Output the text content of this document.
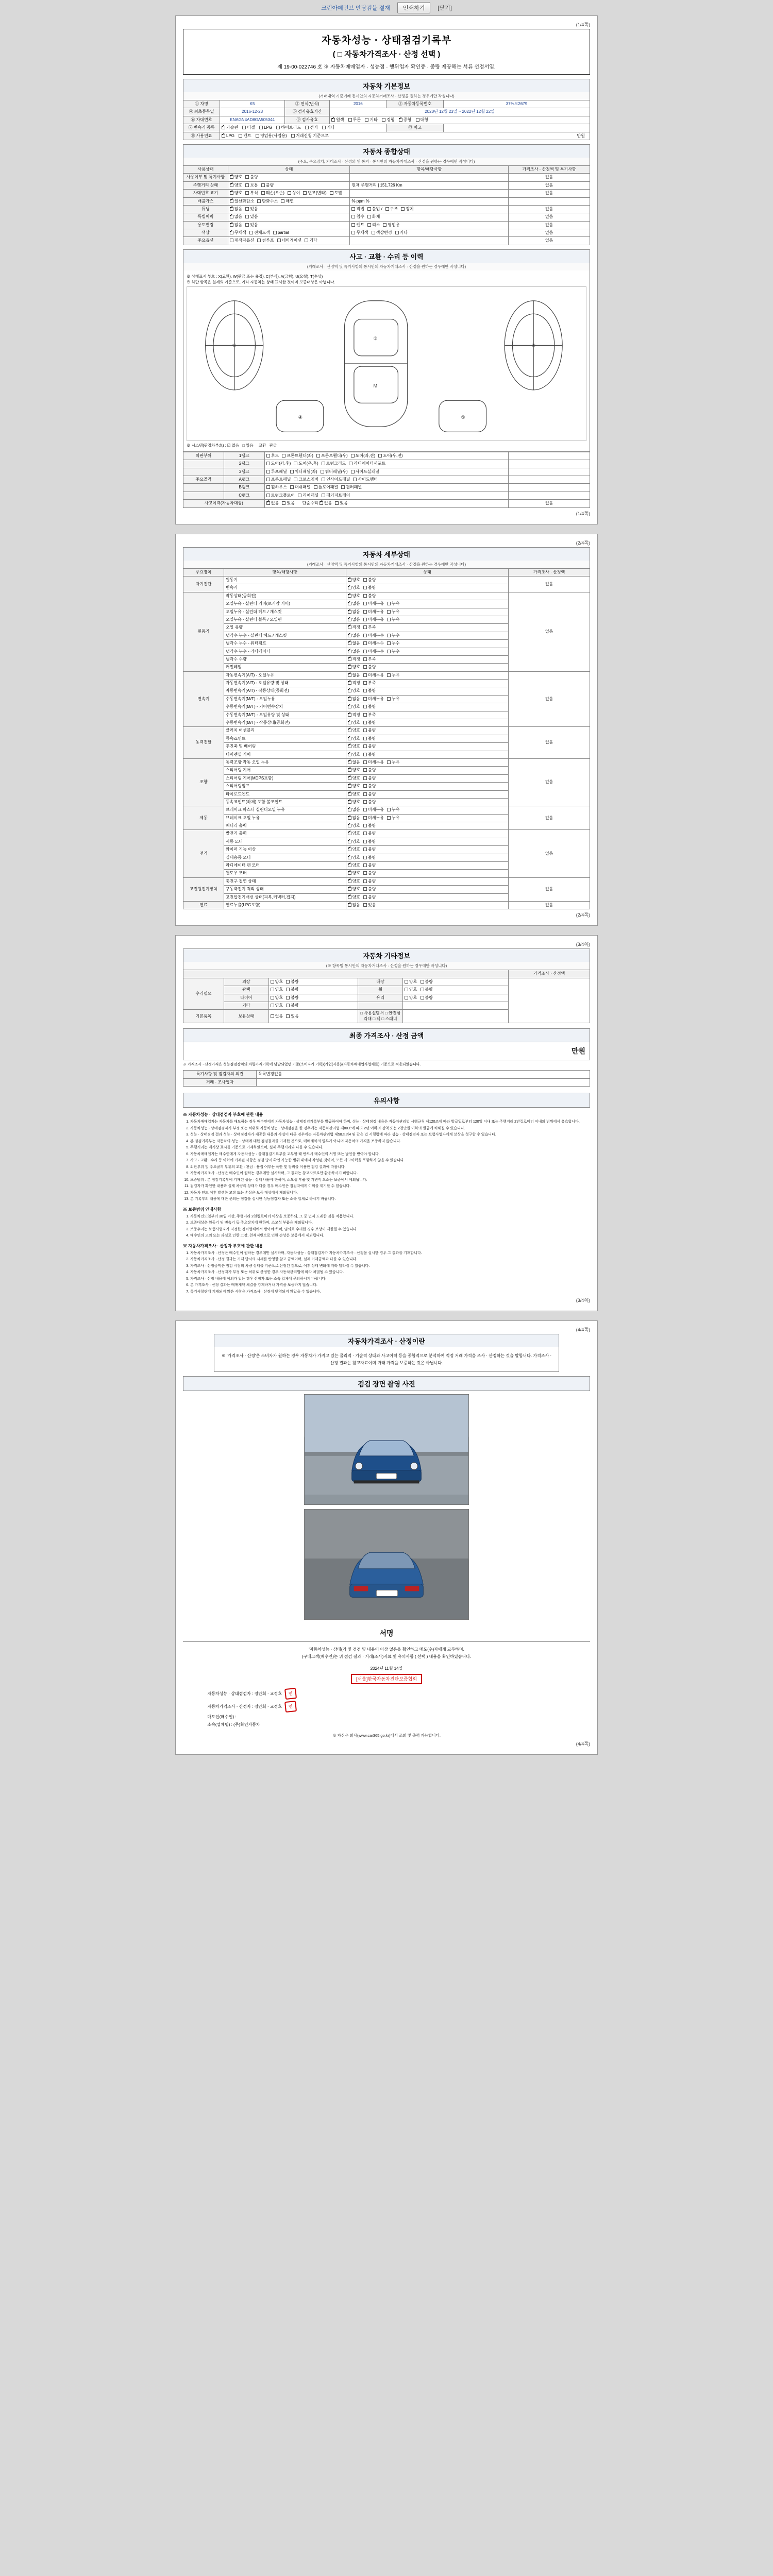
크린아페먼브 안당검블 결재	인쇄하기	[닫기]
(1/4쪽)
자동차성능 · 상태점검기록부
( □ 자동차가격조사 · 산정 선택 )
제 19-00-022746 호 ※ 자동차매매업자 · 성능점 · 행위업자 확인증 · 중량 제공해는 서류 선정서입.
자동차 기본정보
(거래내역 기준거래 통시안의 자동차거래조사 · 산정을 원하는 경우에만 작성니다)
① 차명	K5	② 연식(년식)	2016	③ 자동차등록번호	37%모2679
④ 최초등록일	2016-12-23	⑤ 검사유효기간	2020년 12월 23일 ~ 2022년 12월 22일		
⑥ 차대번호	KNAGN4AD8GA505344	⑨ 검사유효	✔원색 투톤 기타 경형 ✔ 중형 대형
⑦ 변속기 종류	✔가솔린 디젤 LPG 하이브리드 전기 기타			⑬ 비고	
⑧ 사용연료	✔LPG 렌트 영업용(사업용) 거래신청 기준으로 만원
자동차 종합상태
(주요, 주요장치, 거래조사 · 산정의 및 통지 · 통시안의 자동차거래조사 · 산정을 원하는 경우에만 작성니다)
사용상태	상태	항목/해당사항	가격조사 · 산정액 및 특기사항
사용여부 및 특기사항	✔양호 불량		없음
주행거리 상태	✔양호 보통 불량	현재 주행거리 | 151,726 Km	없음
차대번호 표기	✔양호 부식 훼손(오손) 상이 변조(변타) 도말		없음
배출가스	✔일산화탄소 탄화수소 매연	% ppm %	
튜닝	✔없음 있음	적법 불법 / 구조 장치	없음
특별이력	✔없음 있음	침수 화재	없음
용도변경	✔없음 있음	렌트 리스 영업용	없음
색상	✔무채색 전체도색 partial	무채색 색상변경 기타	없음
주요옵션	제작자옵션 썬루프 네비게이션 기타		없음
사고 · 교환 · 수리 등 이력
(거래조사 · 산정액 및 특기사항의 통시안의 자동차거래조사 · 산정을 원하는 경우에만 작성니다)
※ 상태표시 부호 : X(교환), W(판금 또는 용접), C(부식), A(긁힘), U(요철), T(손상)
※ 하단 항목은 실제의 기준으로, 기타 자동차는 상태 표시한 것이며 보증대상은 아닙니다.
①
③
M
②
④	⑤
※ 시스템(판정차부호) : ☑ 없음   □ 있음     교환   판금
외판부위	1랭크	후드 프론트휀더(좌) 프론트휀더(우) 도어(좌,전) 도어(우,전)	
	2랭크	도어(좌,후) 도어(우,후) 트렁크리드 라디에이터서포트	
	3랭크	루프패널 쿼터패널(좌) 쿼터패널(우) 사이드실패널	
주요골격	A랭크	프론트패널 크로스멤버 인사이드패널 사이드멤버	
	B랭크	휠하우스 대쉬패널 플로어패널 필러패널	
	C랭크	트렁크플로어 리어패널 패키지트레이	
사고이력(자동차대상)	✔없음 있음    단순수리 ✔없음 있음	없음
(1/4쪽)
(2/4쪽)
자동차 세부상태
(거래조사 · 산정액 및 특기사항의 통시안의 자동차거래조사 · 산정을 원하는 경우에만 작성니다)
주요장치	항목/해당사항	상태	가격조사 · 산정액
자기진단	원동기	✔양호 불량	없음
	변속기	✔양호 불량
원동기	작동상태(공회전)	✔양호 불량	없음
	오일누유 - 실린더 커버(로커암 커버)	✔없음 미세누유 누유
	오일누유 - 실린더 헤드 / 개스킷	✔없음 미세누유 누유
	오일누유 - 실린더 블록 / 오일팬	✔없음 미세누유 누유
	오일 유량	✔적정 부족
	냉각수 누수 - 실린더 헤드 / 개스킷	✔없음 미세누수 누수
	냉각수 누수 - 워터펌프	✔없음 미세누수 누수
	냉각수 누수 - 라디에이터	✔없음 미세누수 누수
	냉각수 수량	✔적정 부족
	커먼레일	✔양호 불량
변속기	자동변속기(A/T) - 오일누유	✔없음 미세누유 누유	없음
	자동변속기(A/T) - 오일유량 및 상태	✔적정 부족
	자동변속기(A/T) - 작동상태(공회전)	✔양호 불량
	수동변속기(M/T) - 오일누유	✔없음 미세누유 누유
	수동변속기(M/T) - 기어변속장치	✔양호 불량
	수동변속기(M/T) - 오일유량 및 상태	✔적정 부족
	수동변속기(M/T) - 작동상태(공회전)	✔양호 불량
동력전달	클러치 어셈블리	✔양호 불량	없음
	등속죠인트	✔양호 불량
	추진축 및 베어링	✔양호 불량
	디퍼렌셜 기어	✔양호 불량
조향	동력조향 작동 오일 누유	✔없음 미세누유 누유	없음
	스티어링 기어	✔양호 불량
	스티어링 기어(MDPS포함)	✔양호 불량
	스티어링펌프	✔양호 불량
	타이로드엔드	✔양호 불량
	등속죠인트(하체) 포함 볼조인트	✔양호 불량
제동	브레이크 마스터 실린더오일 누유	✔없음 미세누유 누유	없음
	브레이크 오일 누유	✔없음 미세누유 누유
	배터리 출력	✔양호 불량
전기	발전기 출력	✔양호 불량	없음
	시동 모터	✔양호 불량
	와이퍼 기능 이상	✔양호 불량
	실내송풍 모터	✔양호 불량
	라디에이터 팬 모터	✔양호 불량
	윈도우 모터	✔양호 불량
고전원전기장치	충전구 절연 상태	✔양호 불량	없음
	구동축전지 격리 상태	✔양호 불량
	고전압전기배선 상태(피복,커넥터,접지)	✔양호 불량
연료	연료누출(LPG포함)	✔없음 있음	없음
(2/4쪽)
(3/4쪽)
자동차 기타정보
(※ 항목별 통시안의 자동차거래조사 · 산정을 원하는 경우에만 작성니다)
					가격조사 · 산정액
수리필요	외장	양호 불량	내장	양호 불량	
	광택	양호 불량	휠	양호 불량	
	타이어	양호 불량	유리	양호 불량	
	기타	양호 불량			
기본품목	보유상태	없음 있음	□ 사용설명서 □ 안전삼각대 □ 잭 □ 스패너		
최종 가격조사 · 산정 금액
만원
※ 가격조사 · 산정가격은 성능점검장치의 차량가격기록에 남발되었던 기준(소비자가 기록)(기업(사용)/(자동차매매업자업체를) 기준으로 적용되었습니다.
특기사항 및 점검자의 의견	목록변경없음
거래 · 조사업자	
유의사항
※ 자동차성능 · 상태점검자 부호에 관한 내용
1. 자동차매매업자는 자동차를 매도하는 경우 매수인에게 자동차성능 · 상태점검기록부를 발급하여야 하며, 성능 · 상태점검 내용은 자동차관리법 시행규칙 제120조에 따라 발급일로부터 120일 이내 또는 주행거리 2만킬로미터 이내의 범위에서 유효합니다.
2. 자동차성능 · 상태점검자가 부정 또는 허위로 자동차성능 · 상태점검을 한 경우에는 자동차관리법 제80조에 따라 2년 이하의 징역 또는 2천만원 이하의 벌금에 처해질 수 있습니다.
3. 성능 · 상태점검 결과 성능 · 상태점검자가 제공한 내용과 사실이 다른 경우에는 자동차관리법 제58조의4 및 같은 법 시행령에 따라 성능 · 상태점검자 또는 보험사업자에게 보상을 청구할 수 있습니다.
4. 본 점검기록부는 자동차의 성능 · 상태에 대한 점검결과를 기재한 것으로, 매매계약의 일부가 아니며 자동차의 가격을 보증하지 않습니다.
5. 주행거리는 계기상 표시를 기준으로 기재하였으며, 실제 주행거리와 다를 수 있습니다.
6. 자동차매매업자는 매수인에게 자동차성능 · 상태점검기록부를 교부할 때 반드시 매수인의 서명 또는 날인을 받아야 합니다.
7. 사고 · 교환 · 수리 등 이력에 기재된 사항은 점검 당시 확인 가능한 범위 내에서 작성된 것이며, 모든 사고이력을 포함하지 않을 수 있습니다.
8. 외판부위 및 주요골격 부위의 교환 · 판금 · 용접 여부는 육안 및 장비를 이용한 점검 결과에 따릅니다.
9. 자동차가격조사 · 산정은 매수인이 원하는 경우에만 실시하며, 그 결과는 참고자료로만 활용하시기 바랍니다.
10. 보증범위 : 본 점검기록부에 기재된 성능 · 상태 내용에 한하며, 소모성 부품 및 가변적 요소는 보증에서 제외됩니다.
11. 점검자가 확인한 내용과 실제 차량의 상태가 다를 경우 매수인은 점검자에게 이의를 제기할 수 있습니다.
12. 자동차 인도 이후 발생한 고장 또는 손상은 보증 대상에서 제외됩니다.
13. 본 기록부의 내용에 대한 문의는 점검을 실시한 성능점검자 또는 소속 업체로 하시기 바랍니다.
※ 보증범위 안내사항
1. 자동차인도일부터 30일 이상, 주행거리 2천킬로미터 이상을 보증하되, 그 중 먼저 도래한 것을 적용합니다.
2. 보증대상은 원동기 및 변속기 등 주요장치에 한하며, 소모성 부품은 제외됩니다.
3. 보증수리는 보험사업자가 지정한 정비업체에서 받아야 하며, 임의로 수리한 경우 보상이 제한될 수 있습니다.
4. 매수인의 고의 또는 과실로 인한 고장, 천재지변으로 인한 손상은 보증에서 제외됩니다.
※ 자동차가격조사 · 산정자 부호에 관한 내용
1. 자동차가격조사 · 산정은 매수인이 원하는 경우에만 실시하며, 자동차성능 · 상태점검자가 자동차가격조사 · 산정을 실시한 경우 그 결과를 기재합니다.
2. 자동차가격조사 · 산정 결과는 거래 당시의 시세를 반영한 참고 금액이며, 실제 거래금액과 다를 수 있습니다.
3. 가격조사 · 산정금액은 점검 시점의 차량 상태를 기준으로 산정된 것으로, 이후 상태 변화에 따라 달라질 수 있습니다.
4. 자동차가격조사 · 산정자가 부정 또는 허위로 산정한 경우 자동차관리법에 따라 처벌될 수 있습니다.
5. 가격조사 · 산정 내용에 이의가 있는 경우 산정자 또는 소속 업체에 문의하시기 바랍니다.
6. 본 가격조사 · 산정 결과는 매매계약 체결을 강제하거나 가격을 보증하지 않습니다.
7. 특기사항란에 기재되지 않은 사항은 가격조사 · 산정에 반영되지 않았을 수 있습니다.
(3/4쪽)
(4/4쪽)
자동차가격조사 · 산정이란
※ '가격조사 · 산정'은 소비자가 원하는 경우 자동차가 가지고 있는 물리적 · 기술적 상태와 사고이력 등을 종합적으로 분석하여 적정 거래 가격을 조사 · 산정하는 것을 말합니다. 가격조사 · 산정 결과는 참고자료이며 거래 가격을 보증하는 것은 아닙니다.
검검 장면 촬영 사진
서명
'자동차성능 · 상태(가 및 검검 및 내용이 이상 없음을 확인하고 매도(수)자에게 교부하며,
(구매고객(매수인)는 위 점검 결과 · 거래(조사)자료 및 유의사항 ( 선택 ) 내용을 확인하였습니다.
2024년 11월 14일
[서울]한국자동차진단보증협회
자동차성능 · 상태점검자 : 정안회 · 교정호 인
자동차가격조사 · 산정자 : 정안회 · 교정호 인
매도인(매수인) :
소속(업체명) : (주)확인자동차
※ 자신은 회사(www.car365.go.kr)에서 조회 및 출력 가능합니다.
(4/4쪽)
